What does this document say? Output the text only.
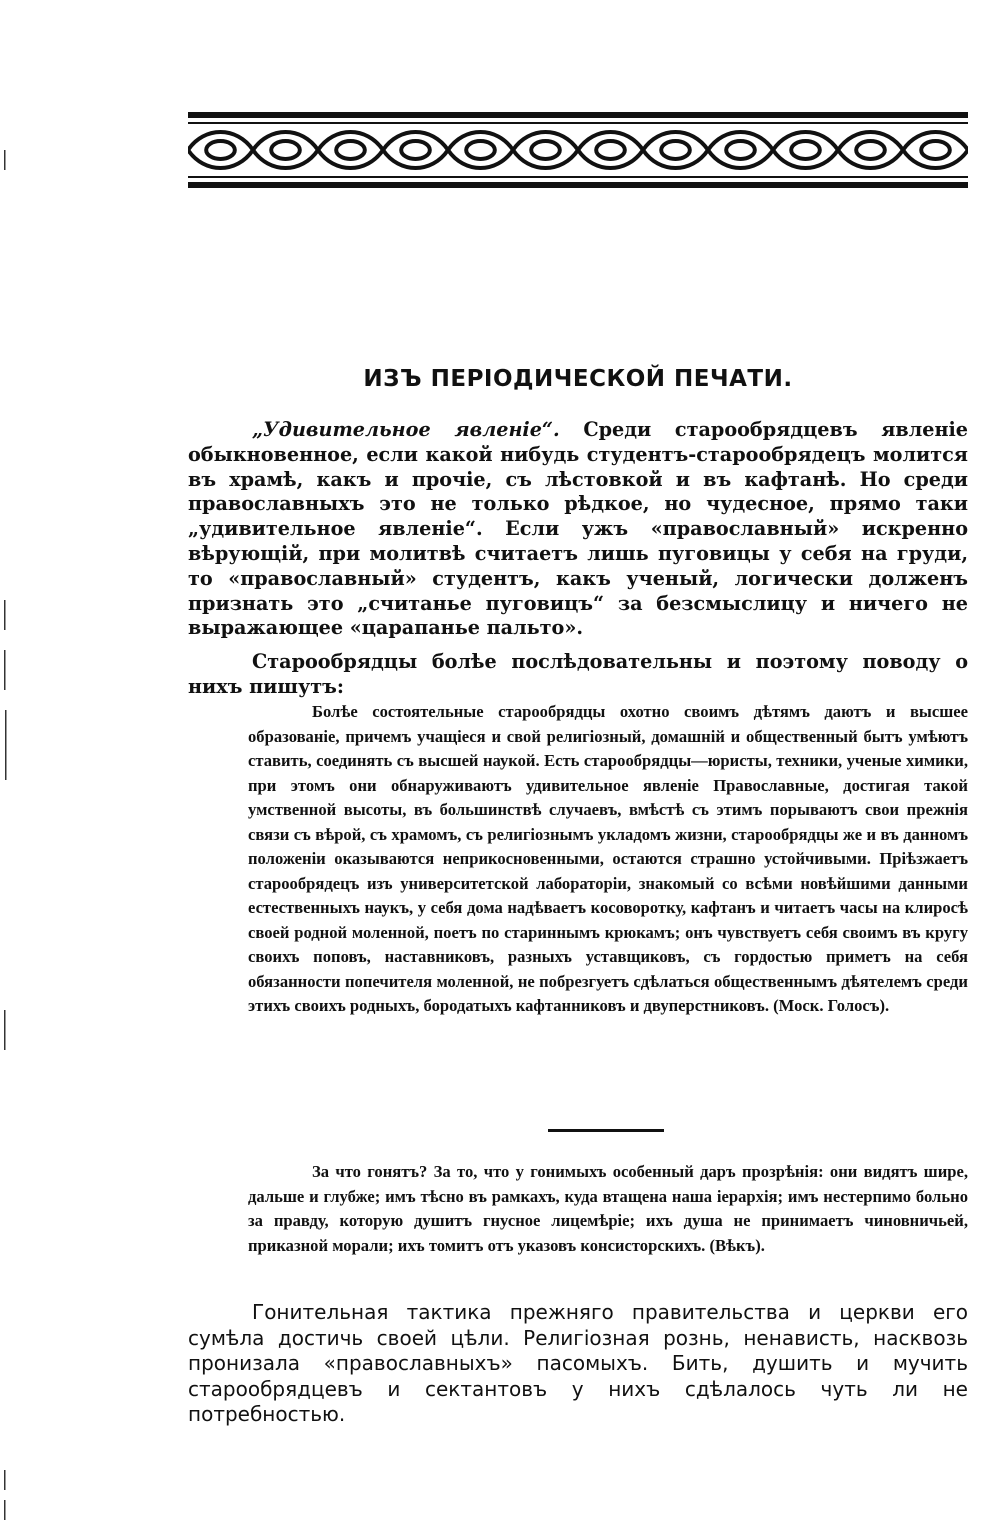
ИЗЪ ПЕРІОДИЧЕСКОЙ ПЕЧАТИ.

„Удивительное явленіе“. Среди старообрядцевъ явленіе обыкновенное, если какой нибудь студентъ-старообрядецъ молится въ храмѣ, какъ и прочіе, съ лѣстовкой и въ кафтанѣ. Но среди православныхъ это не только рѣдкое, но чудесное, прямо таки „удивительное явленіе“. Если ужъ «православный» искренно вѣрующій, при молитвѣ считаетъ лишь пуговицы у себя на груди, то «православный» студентъ, какъ ученый, логически долженъ признать это „считанье пуговицъ“ за безсмыслицу и ничего не выражающее «царапанье пальто».

Старообрядцы болѣе послѣдовательны и поэтому поводу о нихъ пишутъ:

Болѣе состоятельные старообрядцы охотно своимъ дѣтямъ даютъ и высшее образованіе, причемъ учащіеся и свой религіозный, домашній и общественный бытъ умѣютъ ставить, соединять съ высшей наукой. Есть старообрядцы—юристы, техники, ученые химики, при этомъ они обнаруживаютъ удивительное явленіе Православные, достигая такой умственной высоты, въ большинствѣ случаевъ, вмѣстѣ съ этимъ порываютъ свои прежнія связи съ вѣрой, съ храмомъ, съ религіознымъ укладомъ жизни, старообрядцы же и въ данномъ положеніи оказываются неприкосновенными, остаются страшно устойчивыми. Пріѣзжаетъ старообрядецъ изъ университетской лабораторіи, знакомый со всѣми новѣйшими данными естественныхъ наукъ, у себя дома надѣваетъ косоворотку, кафтанъ и читаетъ часы на клиросѣ своей родной моленной, поетъ по стариннымъ крюкамъ; онъ чувствуетъ себя своимъ въ кругу своихъ поповъ, наставниковъ, разныхъ уставщиковъ, съ гордостью приметъ на себя обязанности попечителя моленной, не побрезгуетъ сдѣлаться общественнымъ дѣятелемъ среди этихъ своихъ родныхъ, бородатыхъ кафтанниковъ и двуперстниковъ. (Моск. Голосъ).

За что гонятъ? За то, что у гонимыхъ особенный даръ прозрѣнія: они видятъ шире, дальше и глубже; имъ тѣсно въ рамкахъ, куда втащена наша іерархія; имъ нестерпимо больно за правду, которую душитъ гнусное лицемѣріе; ихъ душа не принимаетъ чиновничьей, приказной морали; ихъ томитъ отъ указовъ консисторскихъ. (Вѣкъ).

Гонительная тактика прежняго правительства и церкви его сумѣла достичь своей цѣли. Религіозная рознь, ненависть, насквозь пронизала «православныхъ» пасомыхъ. Бить, душить и мучить старообрядцевъ и сектантовъ у нихъ сдѣлалось чуть ли не потребностью.
